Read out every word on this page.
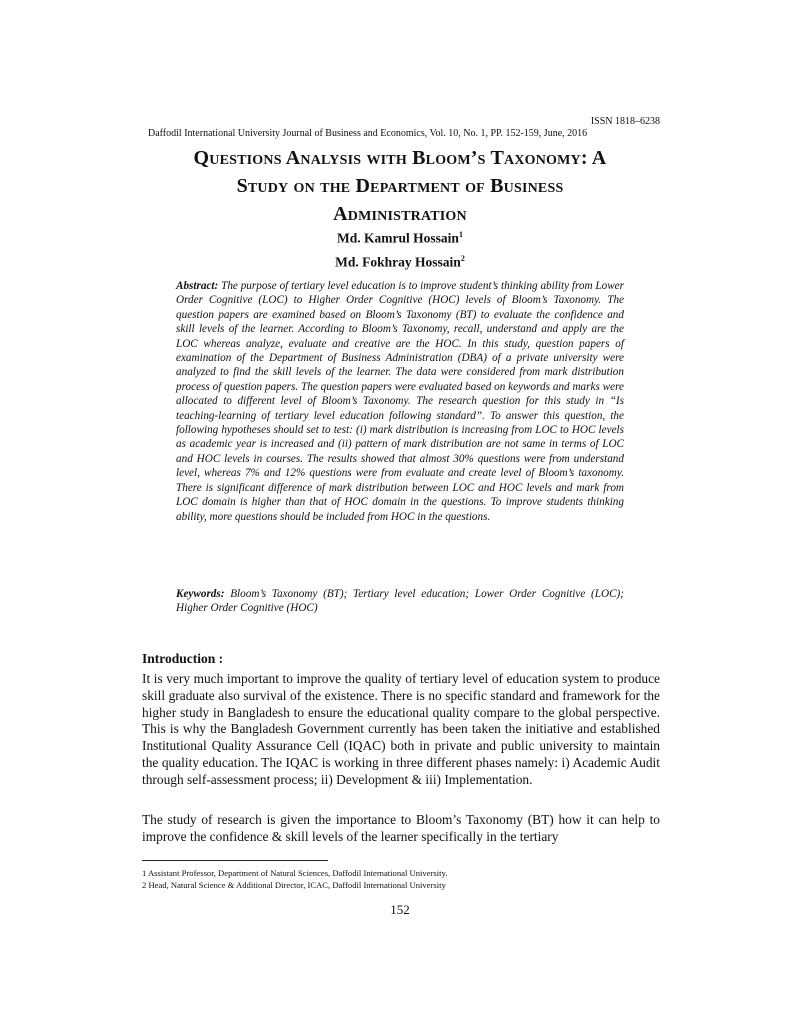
ISSN 1818–6238
Daffodil International University Journal of Business and Economics, Vol. 10, No. 1, PP. 152-159, June, 2016
Questions Analysis with Bloom’s Taxonomy: A
Study on the Department of Business
Administration
Md. Kamrul Hossain$^1$
Md. Fokhray Hossain$^2$
Abstract: The purpose of tertiary level education is to improve student’s thinking ability from Lower Order Cognitive (LOC) to Higher Order Cognitive (HOC) levels of Bloom’s Taxonomy. The question papers are examined based on Bloom’s Taxonomy (BT) to evaluate the confidence and skill levels of the learner. According to Bloom’s Taxonomy, recall, understand and apply are the LOC whereas analyze, evaluate and creative are the HOC. In this study, question papers of examination of the Department of Business Administration (DBA) of a private university were analyzed to find the skill levels of the learner. The data were considered from mark distribution process of question papers. The question papers were evaluated based on keywords and marks were allocated to different level of Bloom’s Taxonomy. The research question for this study in “Is teaching-learning of tertiary level education following standard”. To answer this question, the following hypotheses should set to test: (i) mark distribution is increasing from LOC to HOC levels as academic year is increased and (ii) pattern of mark distribution are not same in terms of LOC and HOC levels in courses. The results showed that almost 30% questions were from understand level, whereas 7% and 12% questions were from evaluate and create level of Bloom’s taxonomy. There is significant difference of mark distribution between LOC and HOC levels and mark from LOC domain is higher than that of HOC domain in the questions. To improve students thinking ability, more questions should be included from HOC in the questions.
Keywords: Bloom’s Taxonomy (BT); Tertiary level education; Lower Order Cognitive (LOC); Higher Order Cognitive (HOC)
Introduction :
It is very much important to improve the quality of tertiary level of education system to produce skill graduate also survival of the existence. There is no specific standard and framework for the higher study in Bangladesh to ensure the educational quality compare to the global perspective. This is why the Bangladesh Government currently has been taken the initiative and established Institutional Quality Assurance Cell (IQAC) both in private and public university to maintain the quality education. The IQAC is working in three different phases namely: i) Academic Audit through self-assessment process; ii) Development & iii) Implementation.
The study of research is given the importance to Bloom’s Taxonomy (BT) how it can help to improve the confidence & skill levels of the learner specifically in the tertiary
1 Assistant Professor, Department of Natural Sciences, Daffodil International University.
2 Head, Natural Science & Additional Director, ICAC, Daffodil International University
152
